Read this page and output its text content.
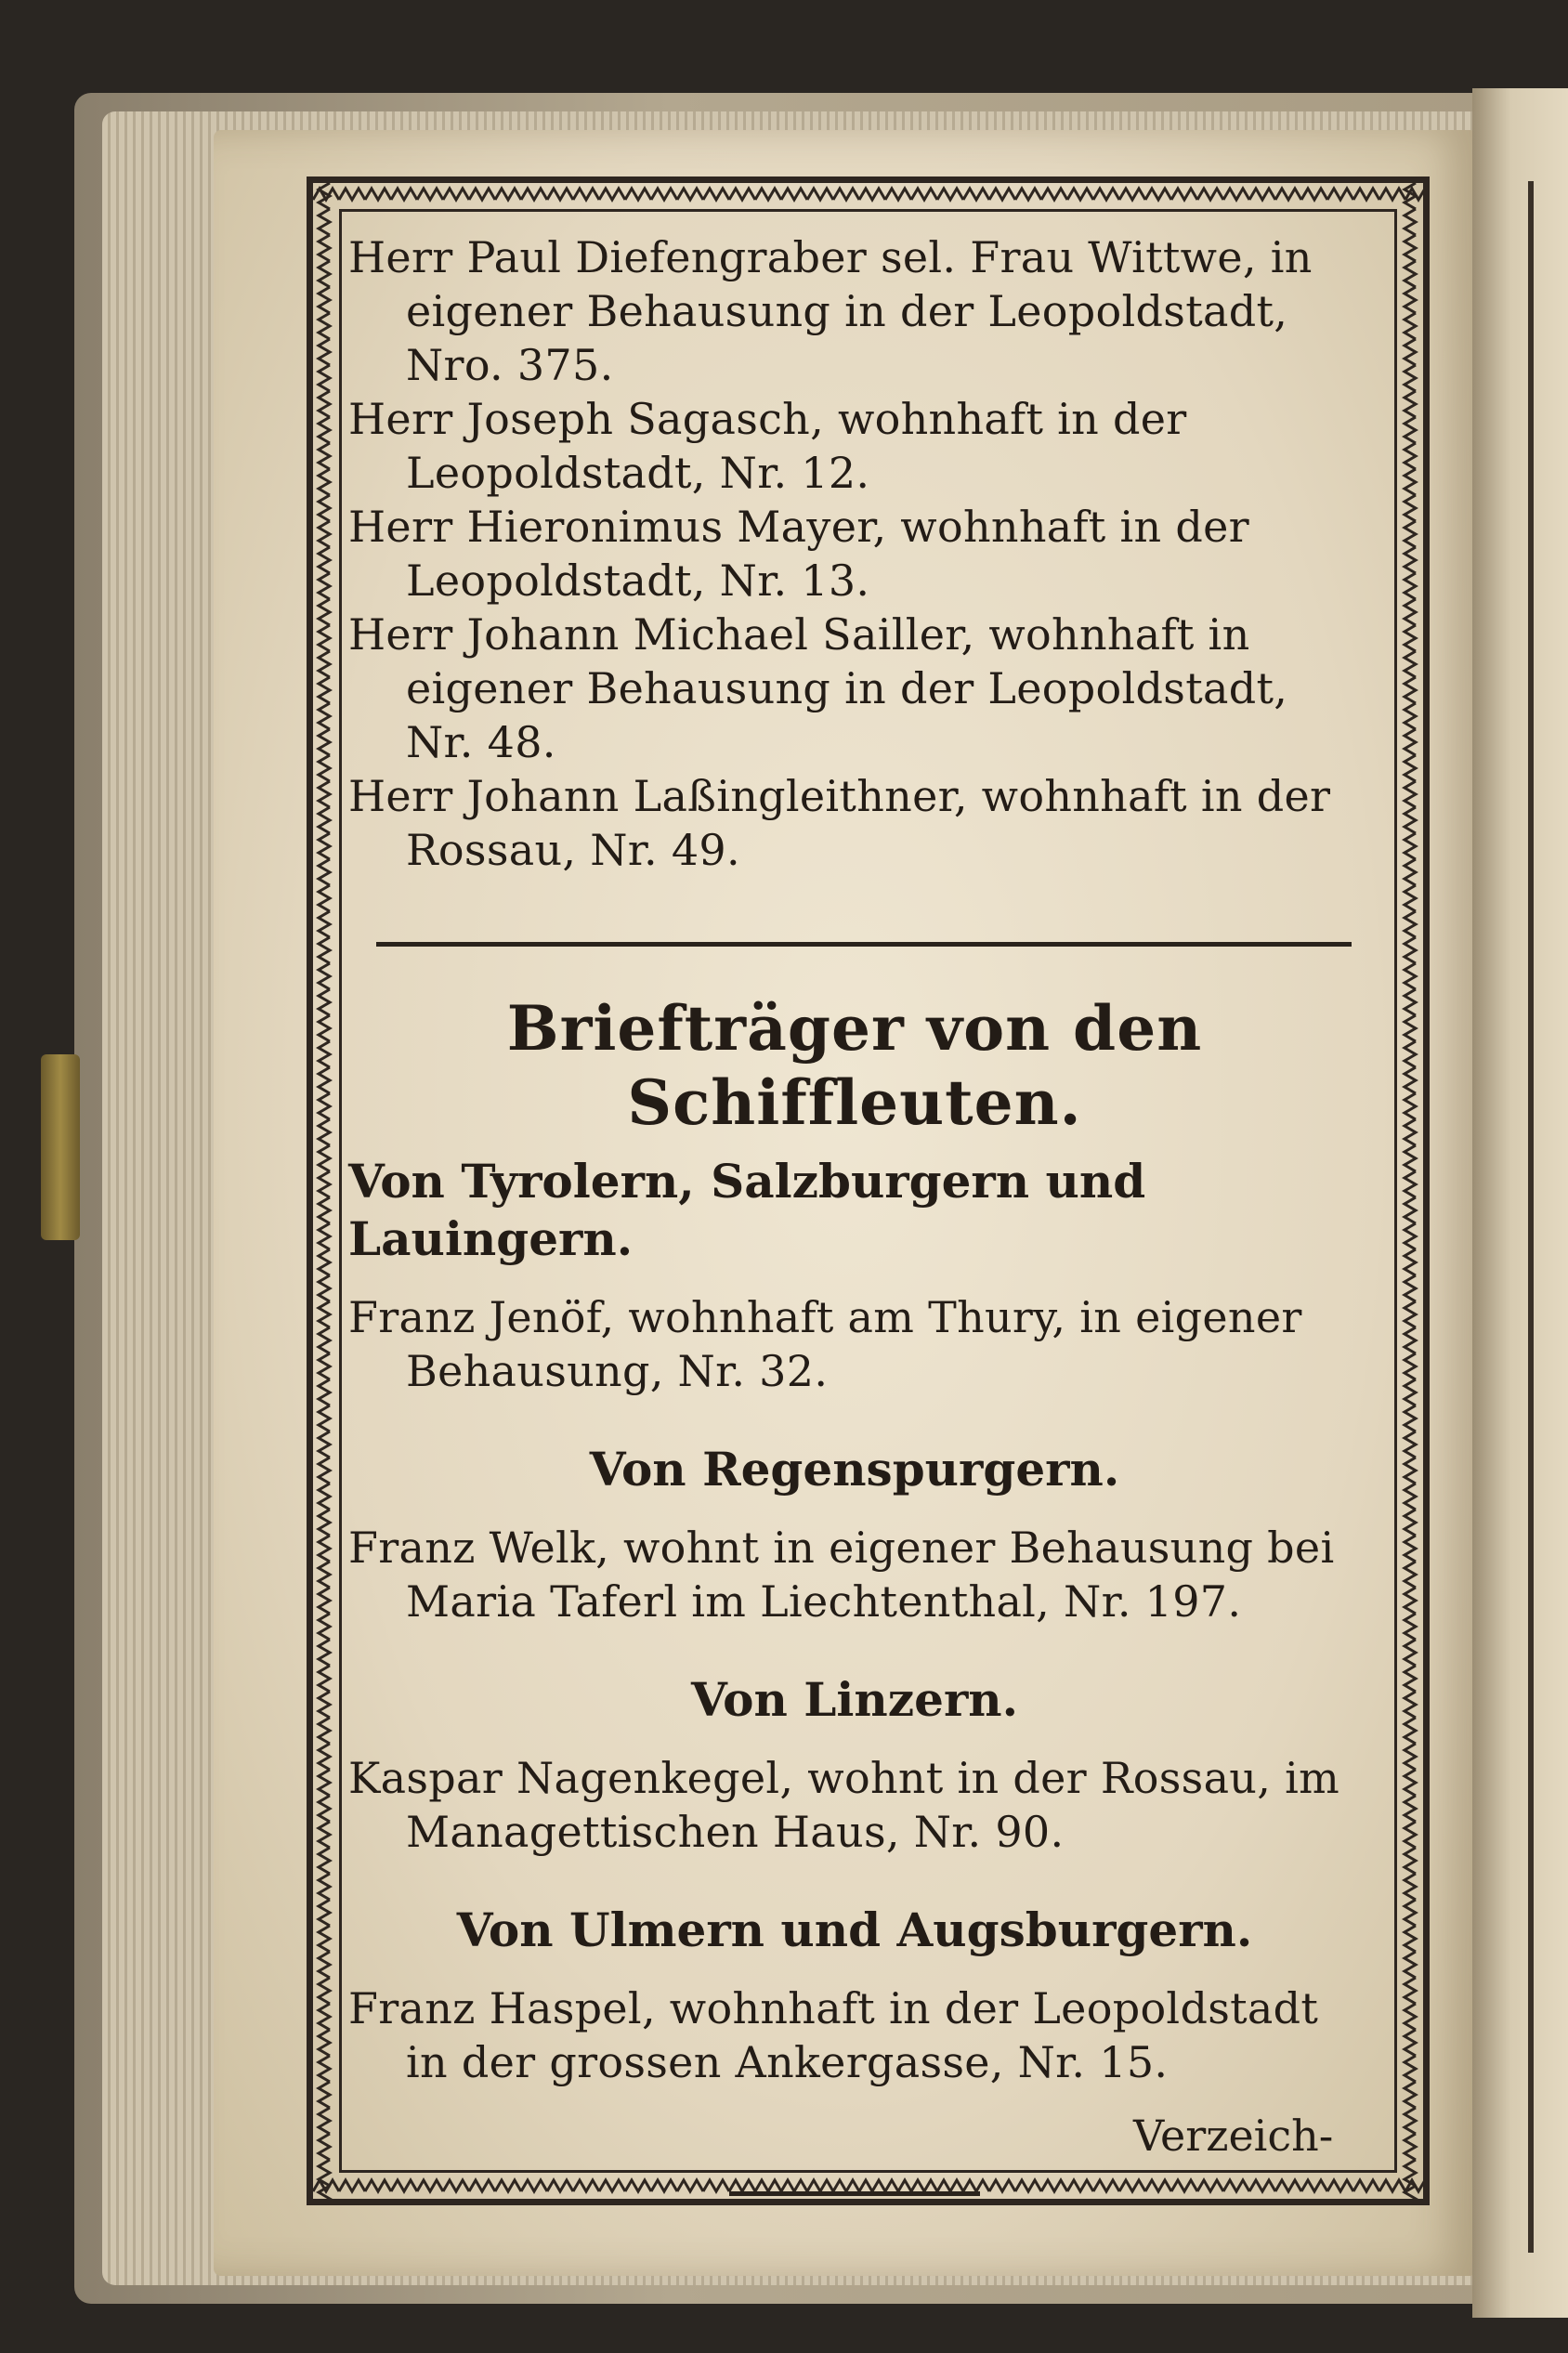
Herr Paul Diefengraber sel. Frau Wittwe, in eigener Behausung in der Leopoldstadt, Nro. 375.

Herr Joseph Sagasch, wohnhaft in der Leopoldstadt, Nr. 12.

Herr Hieronimus Mayer, wohnhaft in der Leopoldstadt, Nr. 13.

Herr Johann Michael Sailler, wohnhaft in eigener Behausung in der Leopoldstadt, Nr. 48.

Herr Johann Laßingleithner, wohnhaft in der Rossau, Nr. 49.

Briefträger von den Schiffleuten.
Von Tyrolern, Salzburgern und Lauingern.

Franz Jenöf, wohnhaft am Thury, in eigener Behausung, Nr. 32.

Von Regenspurgern.

Franz Welk, wohnt in eigener Behausung bei Maria Taferl im Liechtenthal, Nr. 197.

Von Linzern.

Kaspar Nagenkegel, wohnt in der Rossau, im Managettischen Haus, Nr. 90.

Von Ulmern und Augsburgern.

Franz Haspel, wohnhaft in der Leopoldstadt in der grossen Ankergasse, Nr. 15.

Verzeich-
